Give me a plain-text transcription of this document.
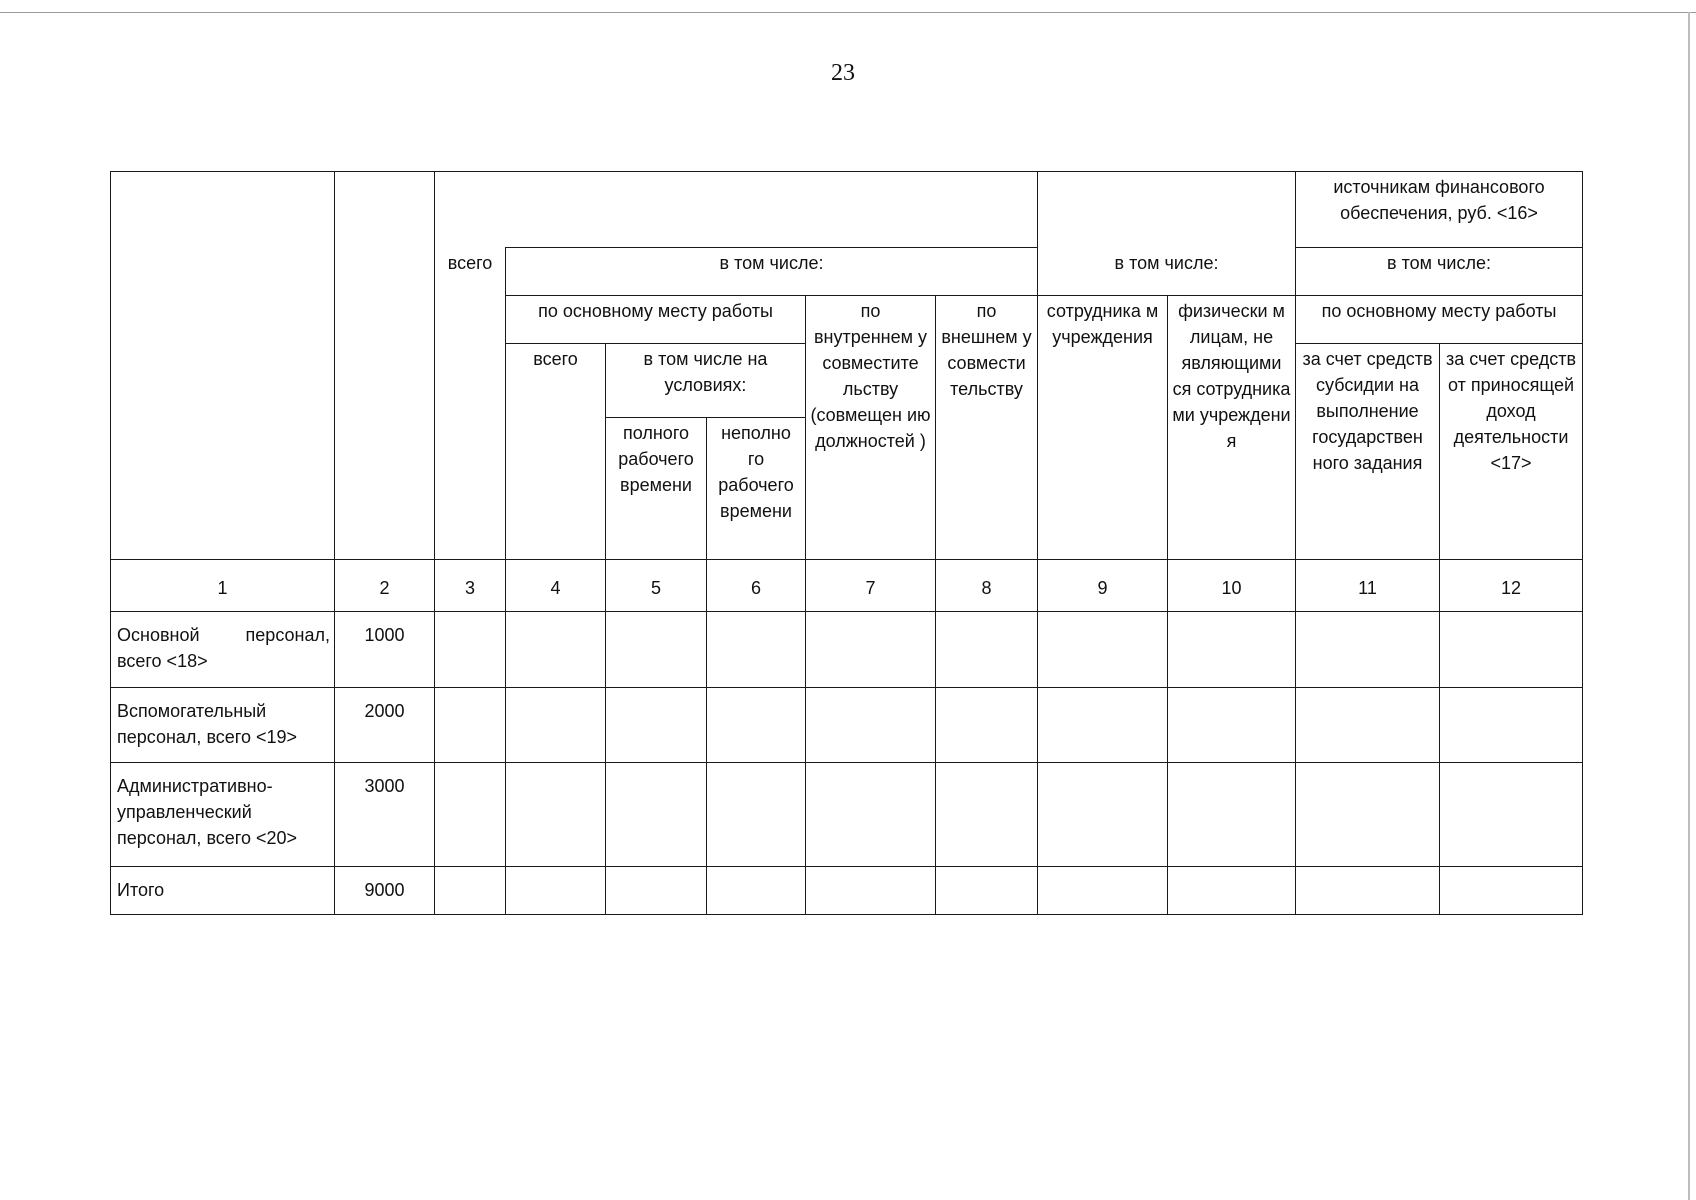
23
										источникам финансового обеспечения, руб. <16>	
		всего	в том числе:					в том числе:		в том числе:	
			по основному месту работы			по внутреннем у совместите льству (совмещен ию должностей )	по внешнем у совмести тельству	сотрудника м учреждения	физически м лицам, не являющими ся сотрудника ми учреждени я	по основному месту работы	
			всего	в том числе на условиях:						за счет средств субсидии на выполнение государствен ного задания	за счет средств от приносящей доход деятельности <17>
				полного рабочего времени	неполно го рабочего времени						
1	2	3	4	5	6	7	8	9	10	11	12
Основной персонал, всего <18>	1000										
Вспомогательный персонал, всего <19>	2000										
Административно-управленческий персонал, всего <20>	3000										
Итого	9000										
